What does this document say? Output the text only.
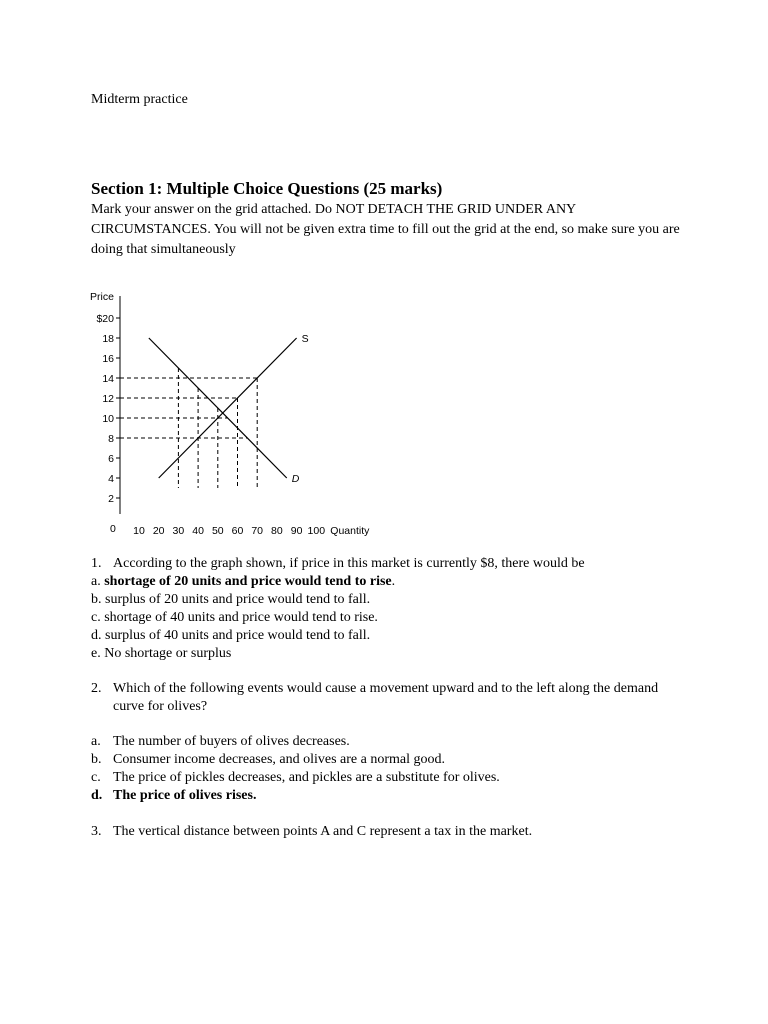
Midterm practice
Section 1: Multiple Choice Questions (25 marks)
Mark your answer on the grid attached. Do NOT DETACH THE GRID UNDER ANY CIRCUMSTANCES. You will not be given extra time to fill out the grid at the end, so make sure you are doing that simultaneously
Price
$20
18
16
14
12
10
8
6
4
2
10 20 30 40 50 60 70 80 90 100
S
D
Quantity
0
1. According to the graph shown, if price in this market is currently $8, there would be
a. shortage of 20 units and price would tend to rise.
b. surplus of 20 units and price would tend to fall.
c. shortage of 40 units and price would tend to rise.
d. surplus of 40 units and price would tend to fall.
e. No shortage or surplus
2. Which of the following events would cause a movement upward and to the left along the demand curve for olives?
a. The number of buyers of olives decreases.
b. Consumer income decreases, and olives are a normal good.
c. The price of pickles decreases, and pickles are a substitute for olives.
d. The price of olives rises.
3. The vertical distance between points A and C represent a tax in the market.
